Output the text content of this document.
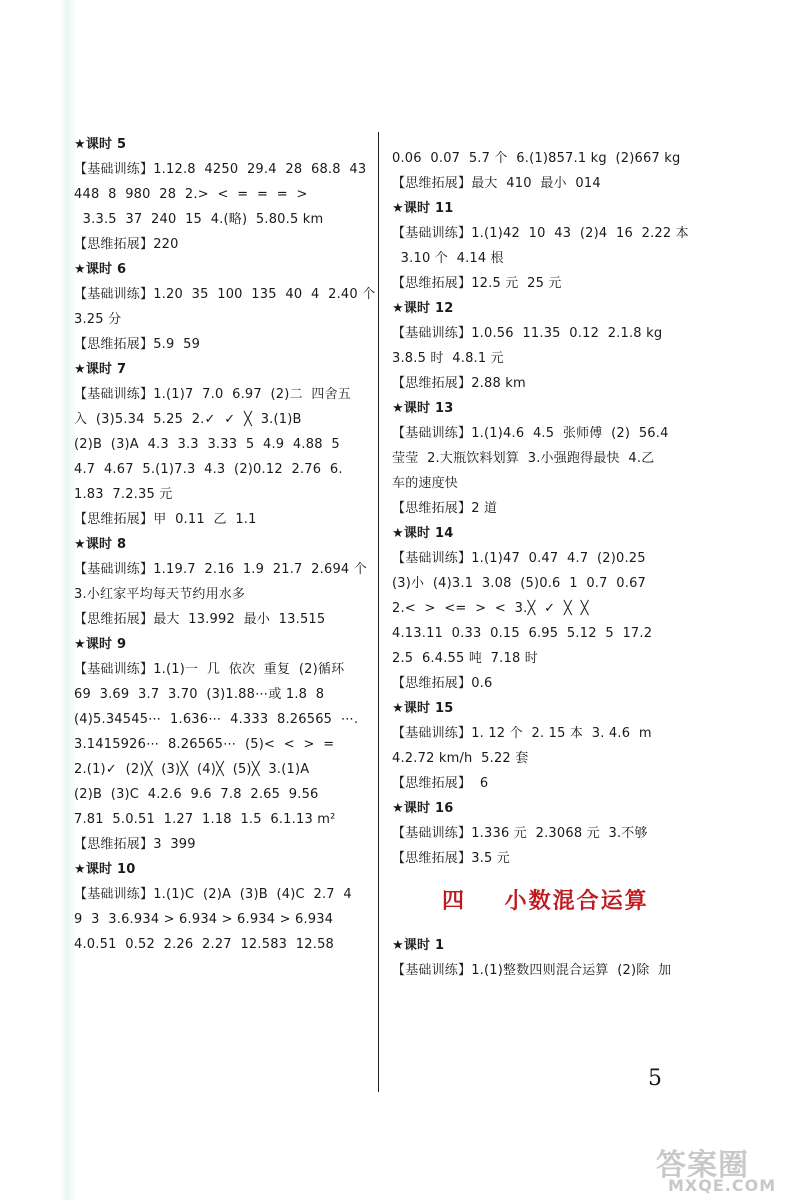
★课时 5
【基础训练】1.12.8  4250  29.4  28  68.8  43
448  8  980  28  2.>  <  =  =  =  >
3.3.5  37  240  15  4.(略)  5.80.5 km
【思维拓展】220
★课时 6
【基础训练】1.20  35  100  135  40  4  2.40 个
3.25 分
【思维拓展】5.9  59
★课时 7
【基础训练】1.(1)7  7.0  6.97  (2)二  四舍五
入  (3)5.34  5.25  2.✓  ✓  ╳  3.(1)B
(2)B  (3)A  4.3  3.3  3.33  5  4.9  4.88  5
4.7  4.67  5.(1)7.3  4.3  (2)0.12  2.76  6.
1.83  7.2.35 元
【思维拓展】甲  0.11  乙  1.1
★课时 8
【基础训练】1.19.7  2.16  1.9  21.7  2.694 个
3.小红家平均每天节约用水多
【思维拓展】最大  13.992  最小  13.515
★课时 9
【基础训练】1.(1)一  几  依次  重复  (2)循环
69  3.69  3.7  3.70  (3)1.88⋯或 1.8  8
(4)5.34545⋯  1.636⋯  4.333  8.26565  ⋯.
3.1415926⋯  8.26565⋯  (5)<  <  >  =
2.(1)✓  (2)╳  (3)╳  (4)╳  (5)╳  3.(1)A
(2)B  (3)C  4.2.6  9.6  7.8  2.65  9.56
7.81  5.0.51  1.27  1.18  1.5  6.1.13 m²
【思维拓展】3  399
★课时 10
【基础训练】1.(1)C  (2)A  (3)B  (4)C  2.7  4
9  3  3.6.934 > 6.934 > 6.934 > 6.934
4.0.51  0.52  2.26  2.27  12.583  12.58
0.06  0.07  5.7 个  6.(1)857.1 kg  (2)667 kg
【思维拓展】最大  410  最小  014
★课时 11
【基础训练】1.(1)42  10  43  (2)4  16  2.22 本
3.10 个  4.14 根
【思维拓展】12.5 元  25 元
★课时 12
【基础训练】1.0.56  11.35  0.12  2.1.8 kg
3.8.5 时  4.8.1 元
【思维拓展】2.88 km
★课时 13
【基础训练】1.(1)4.6  4.5  张师傅  (2)  56.4
莹莹  2.大瓶饮料划算  3.小强跑得最快  4.乙
车的速度快
【思维拓展】2 道
★课时 14
【基础训练】1.(1)47  0.47  4.7  (2)0.25
(3)小  (4)3.1  3.08  (5)0.6  1  0.7  0.67
2.<  >  <=  >  <  3.╳  ✓  ╳  ╳
4.13.11  0.33  0.15  6.95  5.12  5  17.2
2.5  6.4.55 吨  7.18 时
【思维拓展】0.6
★课时 15
【基础训练】1. 12 个  2. 15 本  3. 4.6  m
4.2.72 km/h  5.22 套
【思维拓展】  6
★课时 16
【基础训练】1.336 元  2.3068 元  3.不够
【思维拓展】3.5 元
四    小数混合运算
★课时 1
【基础训练】1.(1)整数四则混合运算  (2)除  加
5
答案圈
MXQE.COM
